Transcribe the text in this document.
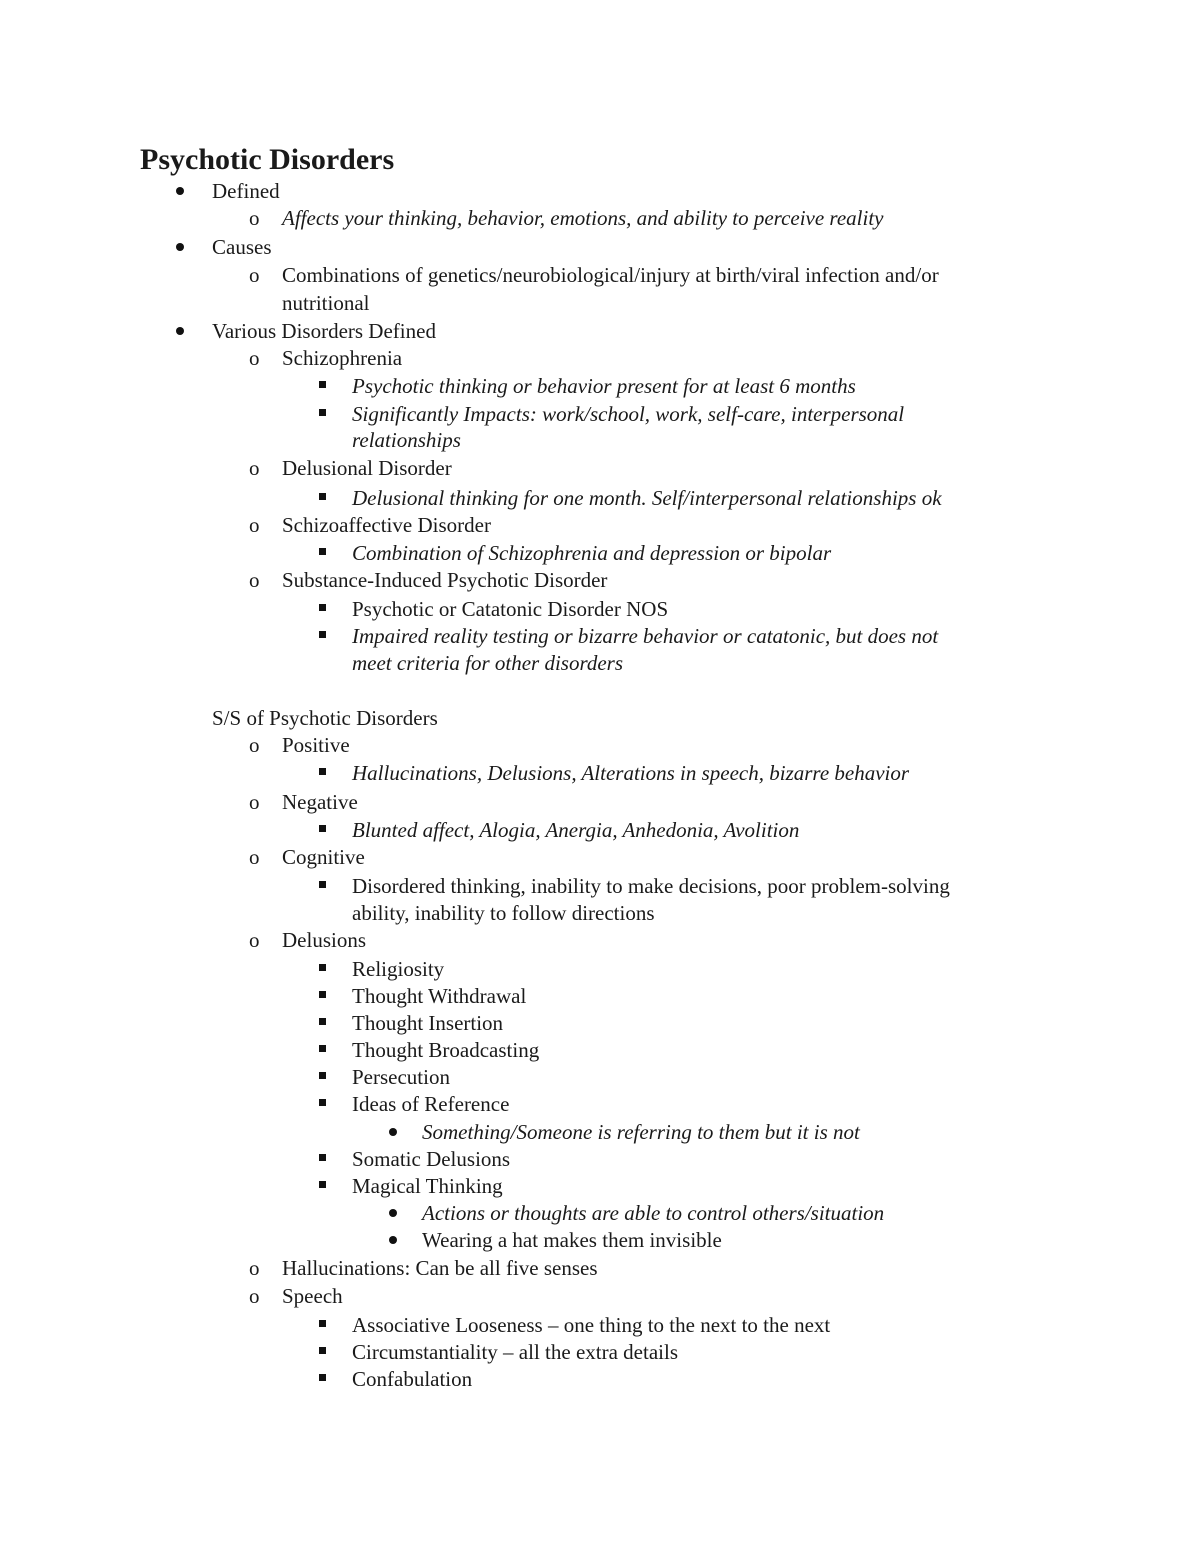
Psychotic Disorders
Defined
o Affects your thinking, behavior, emotions, and ability to perceive reality
Causes
o Combinations of genetics/neurobiological/injury at birth/viral infection and/or
nutritional
Various Disorders Defined
o Schizophrenia
Psychotic thinking or behavior present for at least 6 months
Significantly Impacts: work/school, work, self-care, interpersonal
relationships
o Delusional Disorder
Delusional thinking for one month. Self/interpersonal relationships ok
o Schizoaffective Disorder
Combination of Schizophrenia and depression or bipolar
o Substance-Induced Psychotic Disorder
Psychotic or Catatonic Disorder NOS
Impaired reality testing or bizarre behavior or catatonic, but does not
meet criteria for other disorders
S/S of Psychotic Disorders
o Positive
Hallucinations, Delusions, Alterations in speech, bizarre behavior
o Negative
Blunted affect, Alogia, Anergia, Anhedonia, Avolition
o Cognitive
Disordered thinking, inability to make decisions, poor problem-solving
ability, inability to follow directions
o Delusions
Religiosity
Thought Withdrawal
Thought Insertion
Thought Broadcasting
Persecution
Ideas of Reference
Something/Someone is referring to them but it is not
Somatic Delusions
Magical Thinking
Actions or thoughts are able to control others/situation
Wearing a hat makes them invisible
o Hallucinations: Can be all five senses
o Speech
Associative Looseness – one thing to the next to the next
Circumstantiality – all the extra details
Confabulation
